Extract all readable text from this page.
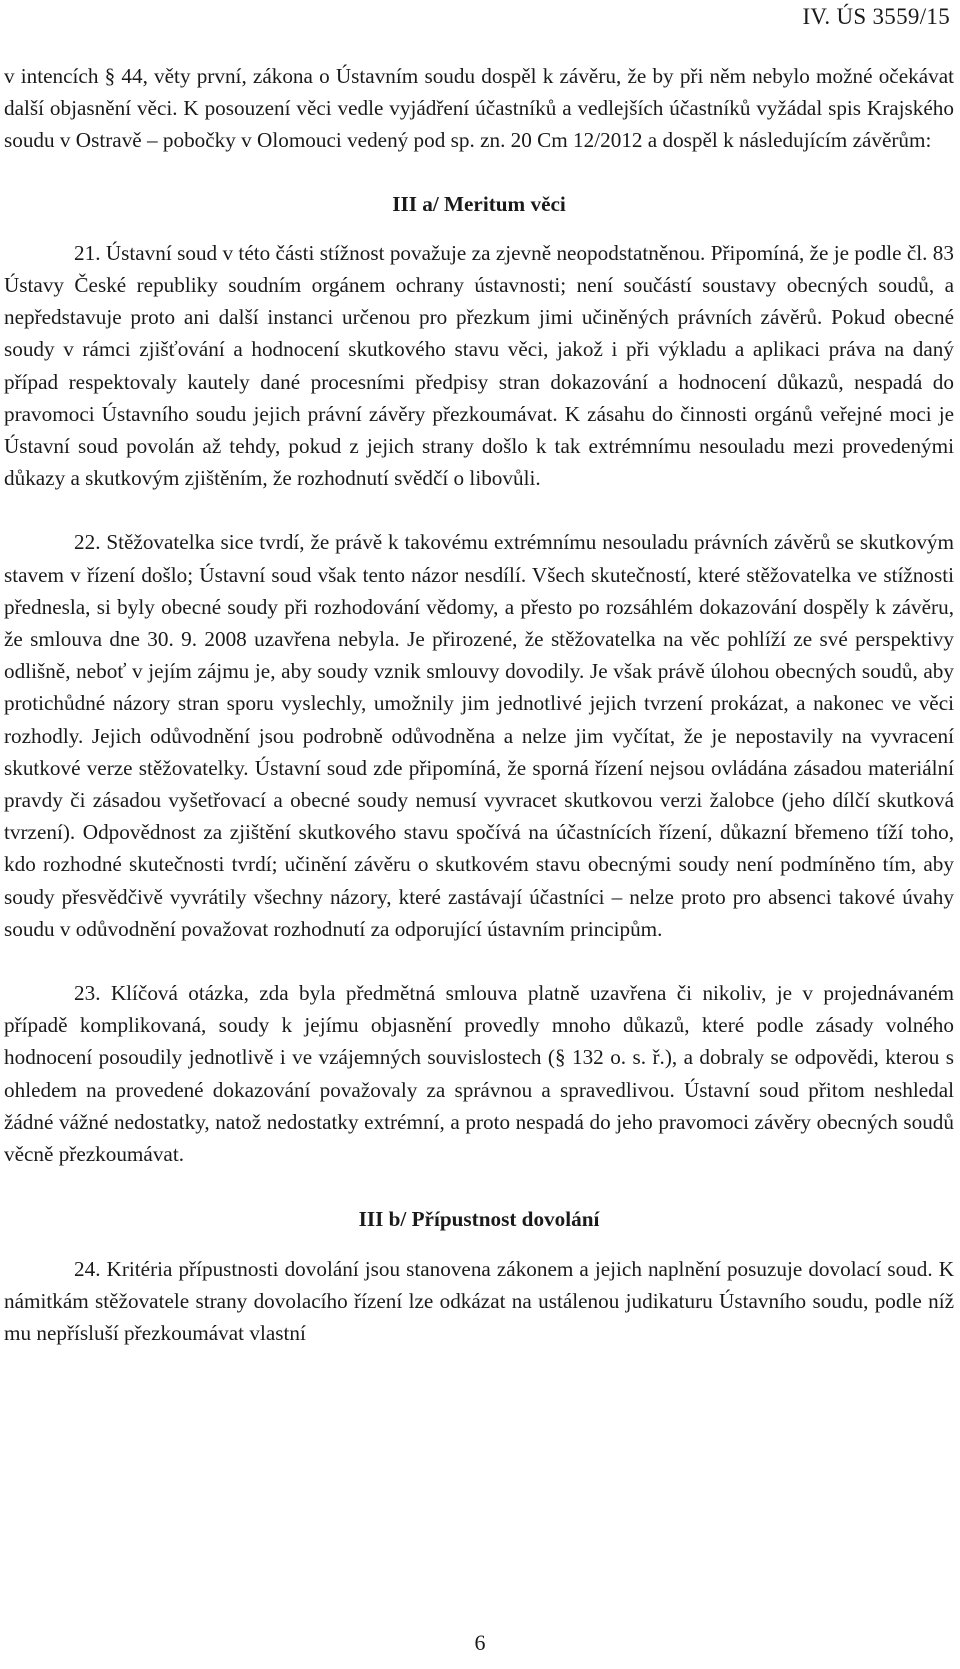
IV. ÚS 3559/15

v intencích § 44, věty první, zákona o Ústavním soudu dospěl k závěru, že by při něm nebylo možné očekávat další objasnění věci. K posouzení věci vedle vyjádření účastníků a vedlejších účastníků vyžádal spis Krajského soudu v Ostravě – pobočky v Olomouci vedený pod sp. zn. 20 Cm 12/2012 a dospěl k následujícím závěrům:

III a/ Meritum věci

21. Ústavní soud v této části stížnost považuje za zjevně neopodstatněnou. Připomíná, že je podle čl. 83 Ústavy České republiky soudním orgánem ochrany ústavnosti; není součástí soustavy obecných soudů, a nepředstavuje proto ani další instanci určenou pro přezkum jimi učiněných právních závěrů. Pokud obecné soudy v rámci zjišťování a hodnocení skutkového stavu věci, jakož i při výkladu a aplikaci práva na daný případ respektovaly kautely dané procesními předpisy stran dokazování a hodnocení důkazů, nespadá do pravomoci Ústavního soudu jejich právní závěry přezkoumávat. K zásahu do činnosti orgánů veřejné moci je Ústavní soud povolán až tehdy, pokud z jejich strany došlo k tak extrémnímu nesouladu mezi provedenými důkazy a skutkovým zjištěním, že rozhodnutí svědčí o libovůli.

22. Stěžovatelka sice tvrdí, že právě k takovému extrémnímu nesouladu právních závěrů se skutkovým stavem v řízení došlo; Ústavní soud však tento názor nesdílí. Všech skutečností, které stěžovatelka ve stížnosti přednesla, si byly obecné soudy při rozhodování vědomy, a přesto po rozsáhlém dokazování dospěly k závěru, že smlouva dne 30. 9. 2008 uzavřena nebyla. Je přirozené, že stěžovatelka na věc pohlíží ze své perspektivy odlišně, neboť v jejím zájmu je, aby soudy vznik smlouvy dovodily. Je však právě úlohou obecných soudů, aby protichůdné názory stran sporu vyslechly, umožnily jim jednotlivé jejich tvrzení prokázat, a nakonec ve věci rozhodly. Jejich odůvodnění jsou podrobně odůvodněna a nelze jim vyčítat, že je nepostavily na vyvracení skutkové verze stěžovatelky. Ústavní soud zde připomíná, že sporná řízení nejsou ovládána zásadou materiální pravdy či zásadou vyšetřovací a obecné soudy nemusí vyvracet skutkovou verzi žalobce (jeho dílčí skutková tvrzení). Odpovědnost za zjištění skutkového stavu spočívá na účastnících řízení, důkazní břemeno tíží toho, kdo rozhodné skutečnosti tvrdí; učinění závěru o skutkovém stavu obecnými soudy není podmíněno tím, aby soudy přesvědčivě vyvrátily všechny názory, které zastávají účastníci – nelze proto pro absenci takové úvahy soudu v odůvodnění považovat rozhodnutí za odporující ústavním principům.

23. Klíčová otázka, zda byla předmětná smlouva platně uzavřena či nikoliv, je v projednávaném případě komplikovaná, soudy k jejímu objasnění provedly mnoho důkazů, které podle zásady volného hodnocení posoudily jednotlivě i ve vzájemných souvislostech (§ 132 o. s. ř.), a dobraly se odpovědi, kterou s ohledem na provedené dokazování považovaly za správnou a spravedlivou. Ústavní soud přitom neshledal žádné vážné nedostatky, natož nedostatky extrémní, a proto nespadá do jeho pravomoci závěry obecných soudů věcně přezkoumávat.

III b/ Přípustnost dovolání

24. Kritéria přípustnosti dovolání jsou stanovena zákonem a jejich naplnění posuzuje dovolací soud. K námitkám stěžovatele strany dovolacího řízení lze odkázat na ustálenou judikaturu Ústavního soudu, podle níž mu nepřísluší přezkoumávat vlastní

6
